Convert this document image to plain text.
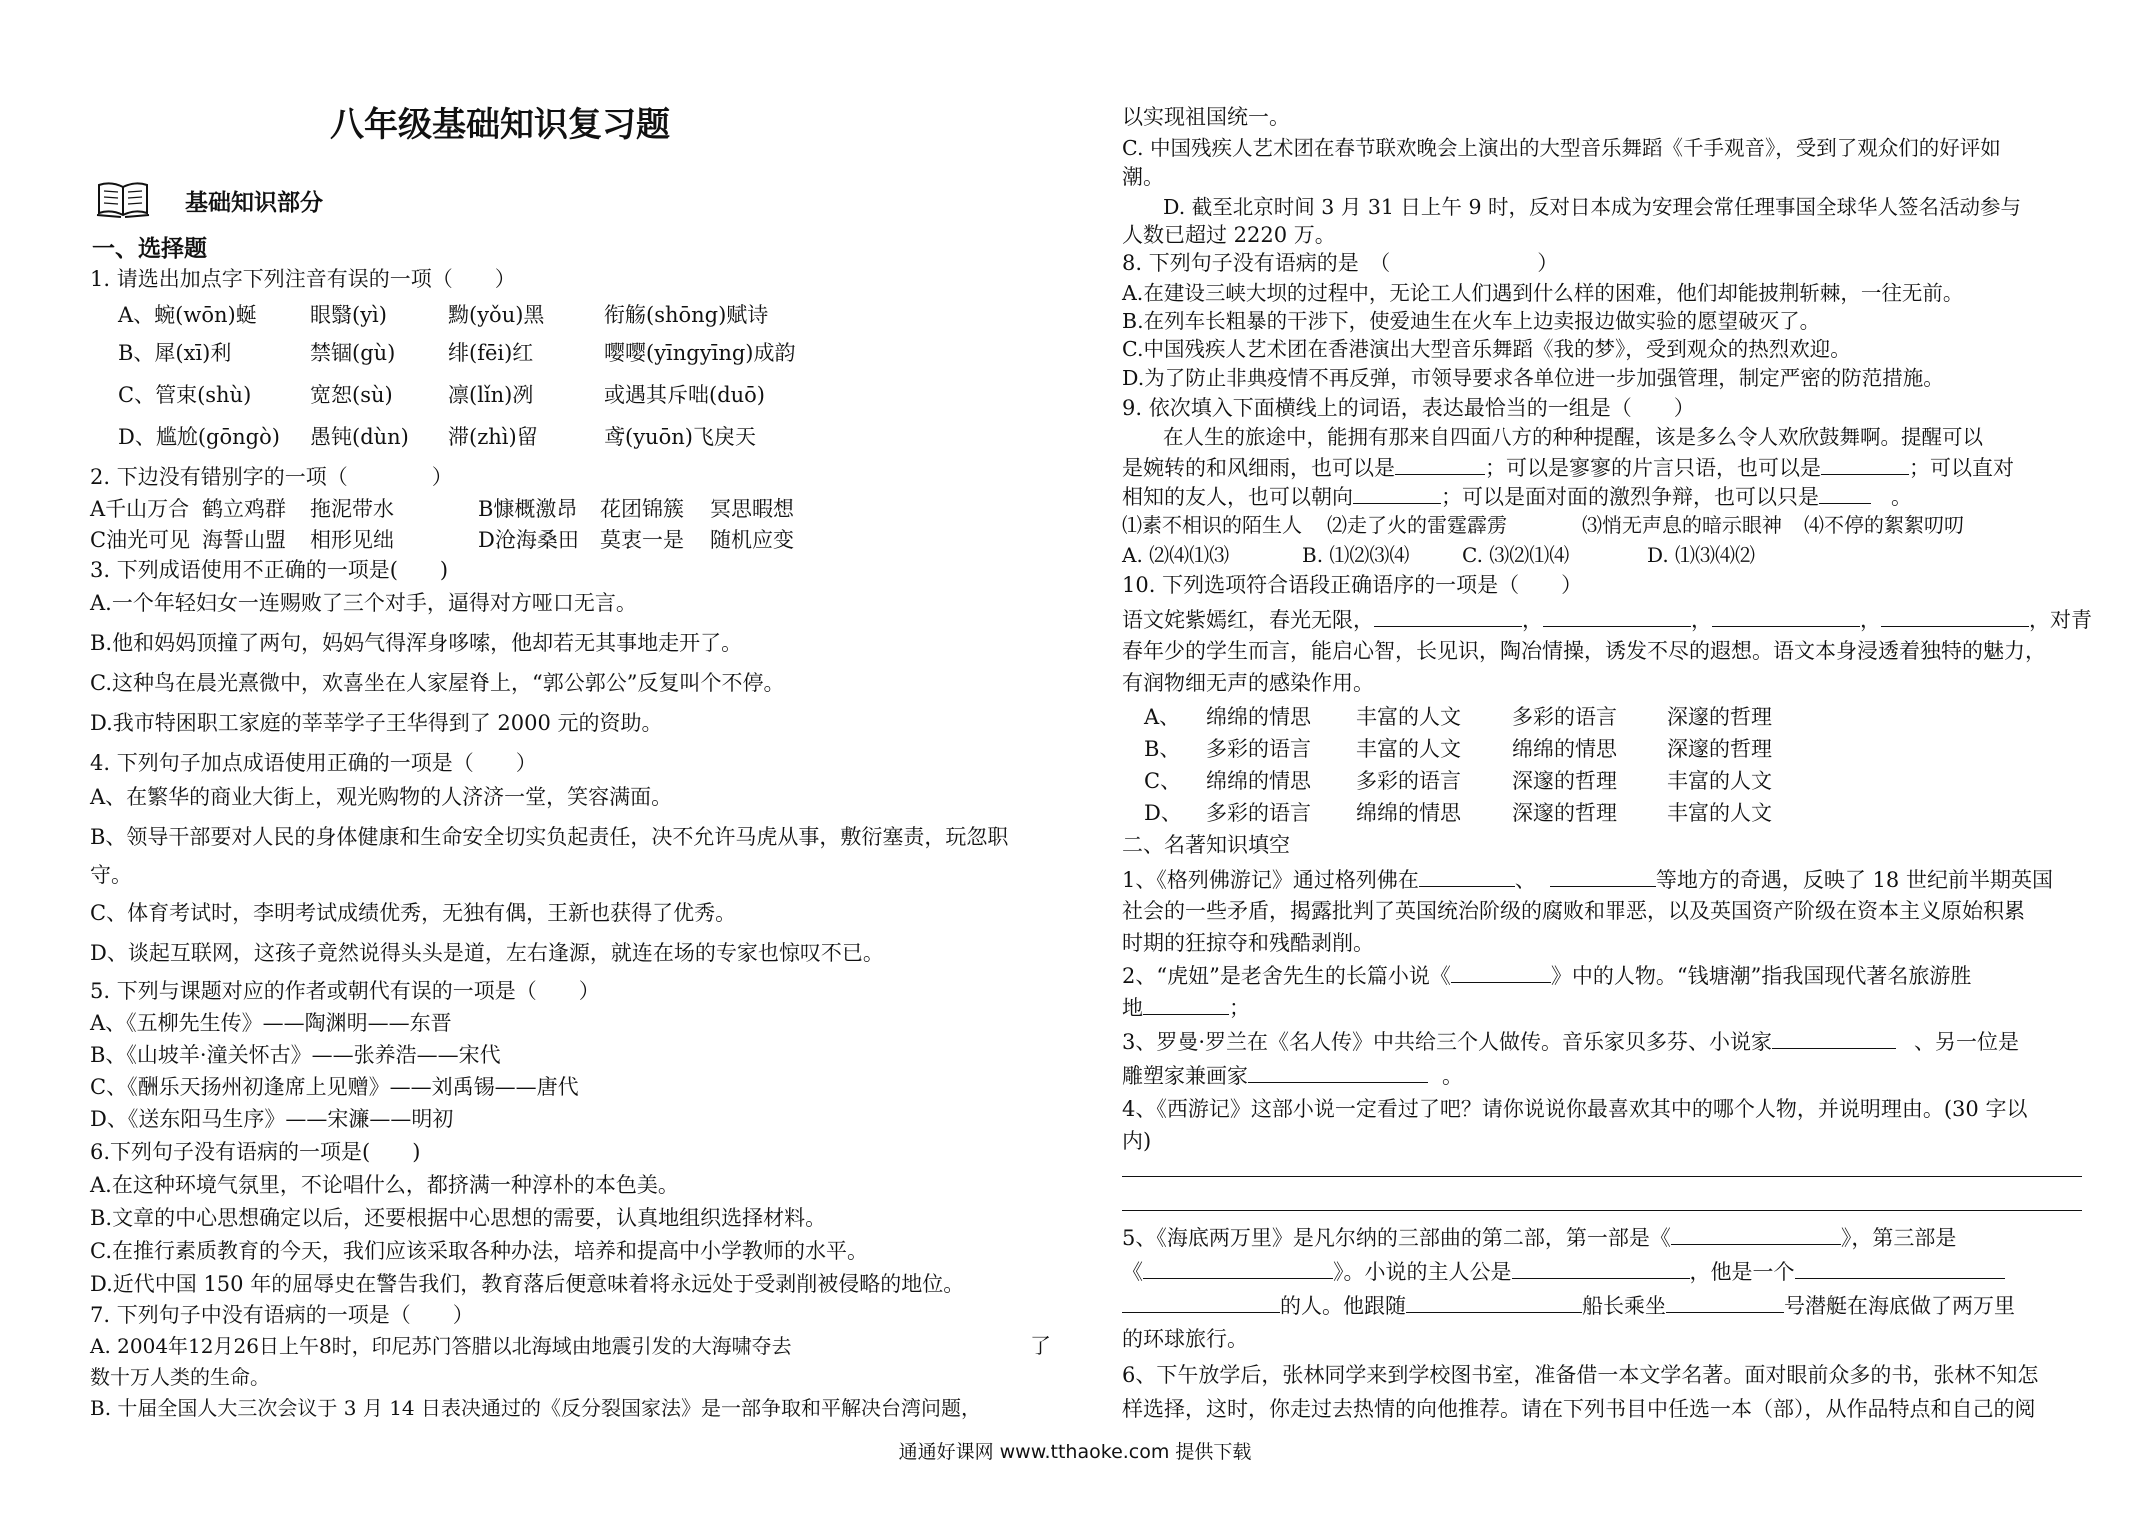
八年级基础知识复习题
基础知识部分
一、选择题
1. 请选出加点字下列注音有误的一项（　　）
A、蜿(wōn)蜒	眼翳(yì)	黝(yǒu)黑	衔觞(shōng)赋诗
B、犀(xī)利	禁锢(gù)	绯(fēi)红	嘤嘤(yīngyīng)成韵
C、管束(shù)	宽恕(sù)	凛(lǐn)冽	或遇其斥咄(duō)
D、尴尬(gōngò)	愚钝(dùn)	滞(zhì)留	鸢(yuōn)飞戾天
2. 下边没有错别字的一项（　　　　）
A千山万合 鹤立鸡群	拖泥带水	B慷概激昂	花团锦簇	冥思暇想
C油光可见 海誓山盟	相形见绌	D沧海桑田	莫衷一是	随机应变
3. 下列成语使用不正确的一项是(　　)
A.一个年轻妇女一连赐败了三个对手，逼得对方哑口无言。
B.他和妈妈顶撞了两句，妈妈气得浑身哆嗦，他却若无其事地走开了。
C.这种鸟在晨光熹微中，欢喜坐在人家屋脊上，“郭公郭公”反复叫个不停。
D.我市特困职工家庭的莘莘学子王华得到了 2000 元的资助。
4. 下列句子加点成语使用正确的一项是（　　）
A、在繁华的商业大街上，观光购物的人济济一堂，笑容满面。
B、领导干部要对人民的身体健康和生命安全切实负起责任，决不允许马虎从事，敷衍塞责，玩忽职
守。
C、体育考试时，李明考试成绩优秀，无独有偶，王新也获得了优秀。
D、谈起互联网，这孩子竟然说得头头是道，左右逢源，就连在场的专家也惊叹不已。
5. 下列与课题对应的作者或朝代有误的一项是（　　）
A、《五柳先生传》——陶渊明——东晋
B、《山坡羊·潼关怀古》——张养浩——宋代
C、《酬乐天扬州初逢席上见赠》——刘禹锡——唐代
D、《送东阳马生序》——宋濂——明初
6.下列句子没有语病的一项是(　　)
A.在这种环境气氛里，不论唱什么，都挤满一种淳朴的本色美。
B.文章的中心思想确定以后，还要根据中心思想的需要，认真地组织选择材料。
C.在推行素质教育的今天，我们应该采取各种办法，培养和提高中小学教师的水平。
D.近代中国 150 年的屈辱史在警告我们，教育落后便意味着将永远处于受剥削被侵略的地位。
7. 下列句子中没有语病的一项是（　　）
A. 2004年12月26日上午8时，印尼苏门答腊以北海域由地震引发的大海啸夺去	了
数十万人类的生命。
B. 十届全国人大三次会议于 3 月 14 日表决通过的《反分裂国家法》是一部争取和平解决台湾问题，
以实现祖国统一。
C. 中国残疾人艺术团在春节联欢晚会上演出的大型音乐舞蹈《千手观音》，受到了观众们的好评如
潮。
　　D. 截至北京时间 3 月 31 日上午 9 时，反对日本成为安理会常任理事国全球华人签名活动参与
人数已超过 2220 万。
8. 下列句子没有语病的是　（　　　　　　　）
A.在建设三峡大坝的过程中，无论工人们遇到什么样的困难，他们却能披荆斩棘，一往无前。
B.在列车长粗暴的干涉下，使爱迪生在火车上边卖报边做实验的愿望破灭了。
C.中国残疾人艺术团在香港演出大型音乐舞蹈《我的梦》，受到观众的热烈欢迎。
D.为了防止非典疫情不再反弹，市领导要求各单位进一步加强管理，制定严密的防范措施。
9. 依次填入下面横线上的词语，表达最恰当的一组是（　　）
　　在人生的旅途中，能拥有那来自四面八方的种种提醒，该是多么令人欢欣鼓舞啊。提醒可以
是婉转的和风细雨，也可以是	；可以是寥寥的片言只语，也可以是	；可以直对
相知的友人，也可以朝向	；可以是面对面的激烈争辩，也可以只是	。
⑴素不相识的陌生人	⑵走了火的雷霆霹雳	⑶悄无声息的暗示眼神	⑷不停的絮絮叨叨
A. ⑵⑷⑴⑶	B. ⑴⑵⑶⑷	C. ⑶⑵⑴⑷	D. ⑴⑶⑷⑵
10. 下列选项符合语段正确语序的一项是（　　）
语文姹紫嫣红，春光无限，	，	，	，	，对青
春年少的学生而言，能启心智，长见识，陶冶情操，诱发不尽的遐想。语文本身浸透着独特的魅力，
有润物细无声的感染作用。
A、	绵绵的情思	丰富的人文	多彩的语言	深邃的哲理
B、	多彩的语言	丰富的人文	绵绵的情思	深邃的哲理
C、	绵绵的情思	多彩的语言	深邃的哲理	丰富的人文
D、	多彩的语言	绵绵的情思	深邃的哲理	丰富的人文
二、名著知识填空
1、《格列佛游记》通过格列佛在	、	等地方的奇遇，反映了 18 世纪前半期英国
社会的一些矛盾，揭露批判了英国统治阶级的腐败和罪恶，以及英国资产阶级在资本主义原始积累
时期的狂掠夺和残酷剥削。
2、“虎妞”是老舍先生的长篇小说《	》中的人物。“钱塘潮”指我国现代著名旅游胜
地	；
3、罗曼·罗兰在《名人传》中共给三个人做传。音乐家贝多芬、小说家	、另一位是
雕塑家兼画家	。
4、《西游记》这部小说一定看过了吧？请你说说你最喜欢其中的哪个人物，并说明理由。(30 字以
内)
5、《海底两万里》是凡尔纳的三部曲的第二部，第一部是《	》，第三部是
《	》。小说的主人公是	，他是一个
的人。他跟随	船长乘坐	号潜艇在海底做了两万里
的环球旅行。
6、下午放学后，张林同学来到学校图书室，准备借一本文学名著。面对眼前众多的书，张林不知怎
样选择，这时，你走过去热情的向他推荐。请在下列书目中任选一本（部），从作品特点和自己的阅
通通好课网 www.tthaoke.com 提供下载
